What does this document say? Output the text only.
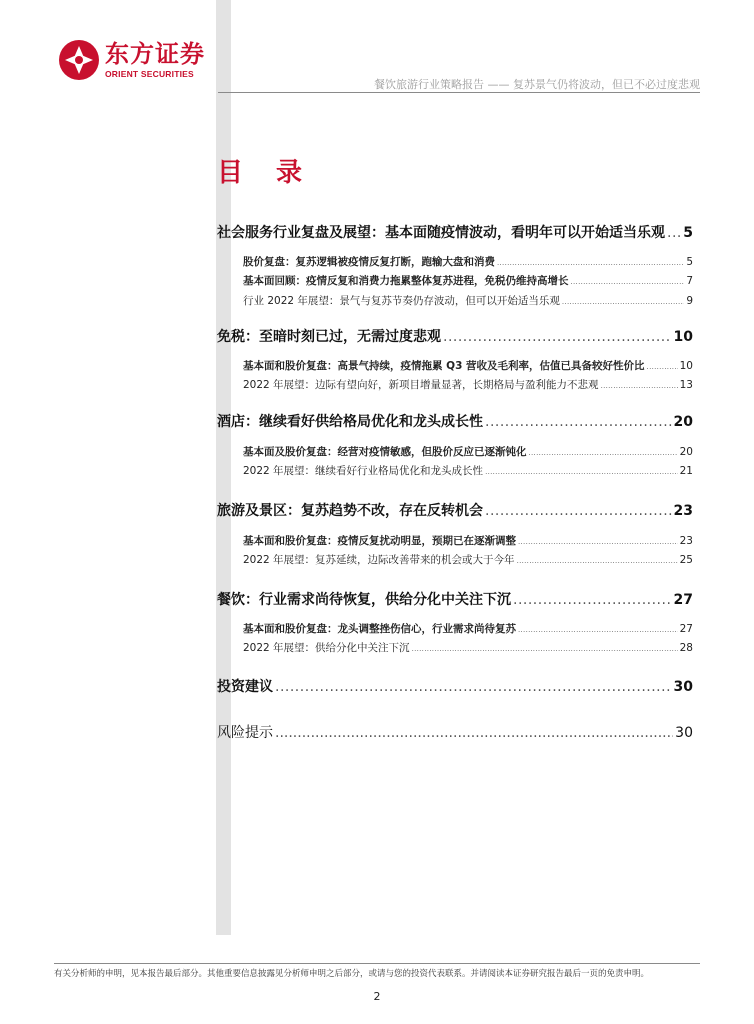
东方证券
ORIENT SECURITIES
餐饮旅游行业策略报告 —— 复苏景气仍将波动，但已不必过度悲观
目 录
社会服务行业复盘及展望：基本面随疫情波动，看明年可以开始适当乐观 ..... 5
股价复盘：复苏逻辑被疫情反复打断，跑输大盘和消费 .....	5
基本面回顾：疫情反复和消费力拖累整体复苏进程，免税仍维持高增长 .....	7
行业 2022 年展望：景气与复苏节奏仍存波动，但可以开始适当乐观 .....	9
免税：至暗时刻已过，无需过度悲观 .....	10
基本面和股价复盘：高景气持续，疫情拖累 Q3 营收及毛利率，估值已具备较好性价比 .....	10
2022 年展望：边际有望向好，新项目增量显著，长期格局与盈利能力不悲观 .....	13
酒店：继续看好供给格局优化和龙头成长性 .....	20
基本面及股价复盘：经营对疫情敏感，但股价反应已逐渐钝化 .....	20
2022 年展望：继续看好行业格局优化和龙头成长性 .....	21
旅游及景区：复苏趋势不改，存在反转机会 .....	23
基本面和股价复盘：疫情反复扰动明显，预期已在逐渐调整 .....	23
2022 年展望：复苏延续，边际改善带来的机会或大于今年 .....	25
餐饮：行业需求尚待恢复，供给分化中关注下沉 .....	27
基本面和股价复盘：龙头调整挫伤信心，行业需求尚待复苏 .....	27
2022 年展望：供给分化中关注下沉 .....	28
投资建议 .....	30
风险提示 .....	30
有关分析师的申明，见本报告最后部分。其他重要信息披露见分析师申明之后部分，或请与您的投资代表联系。并请阅读本证券研究报告最后一页的免责申明。
2
